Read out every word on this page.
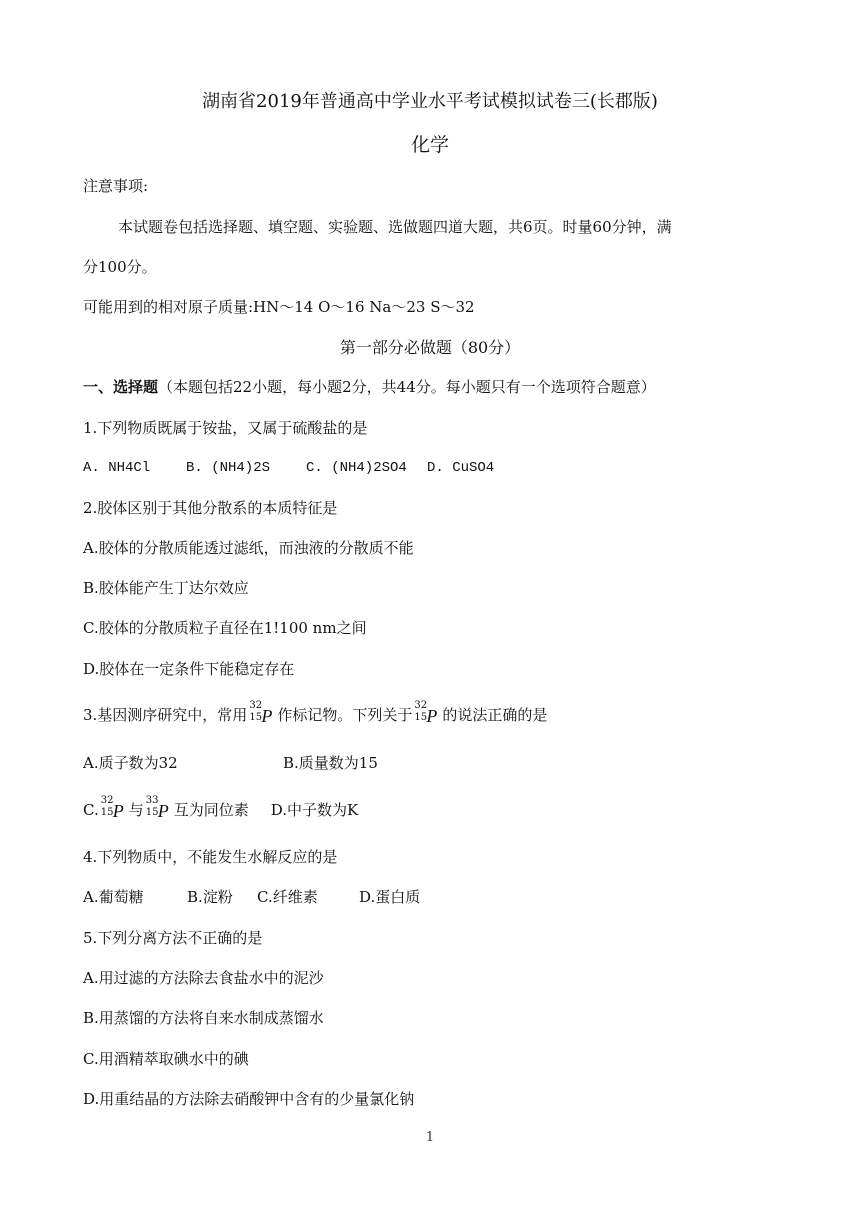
湖南省2019年普通高中学业水平考试模拟试卷三(长郡版)
化学
注意事项:
本试题卷包括选择题、填空题、实验题、选做题四道大题，共6页。时量60分钟，满
分100分。
可能用到的相对原子质量:HN～14 O～16 Na～23 S～32
第一部分必做题（80分）
一、选择题（本题包括22小题，每小题2分，共44分。每小题只有一个选项符合题意）
1.下列物质既属于铵盐，又属于硫酸盐的是
A. NH4Cl	B. (NH4)2S	C. (NH4)2SO4 D. CuSO4
2.胶体区别于其他分散系的本质特征是
A.胶体的分散质能透过滤纸，而浊液的分散质不能
B.胶体能产生丁达尔效应
C.胶体的分散质粒子直径在1!100 nm之间
D.胶体在一定条件下能稳定存在
3.基因测序研究中，常用
32
15 P 作标记物。下列关于
32
15 P 的说法正确的是
A.质子数为32	B.质量数为15
C.
32
15 P 与
33
15 P 互为同位素 D.中子数为K
4.下列物质中，不能发生水解反应的是
A.葡萄糖	B.淀粉 C.纤维素	D.蛋白质
5.下列分离方法不正确的是
A.用过滤的方法除去食盐水中的泥沙
B.用蒸馏的方法将自来水制成蒸馏水
C.用酒精萃取碘水中的碘
D.用重结晶的方法除去硝酸钾中含有的少量氯化钠
1
